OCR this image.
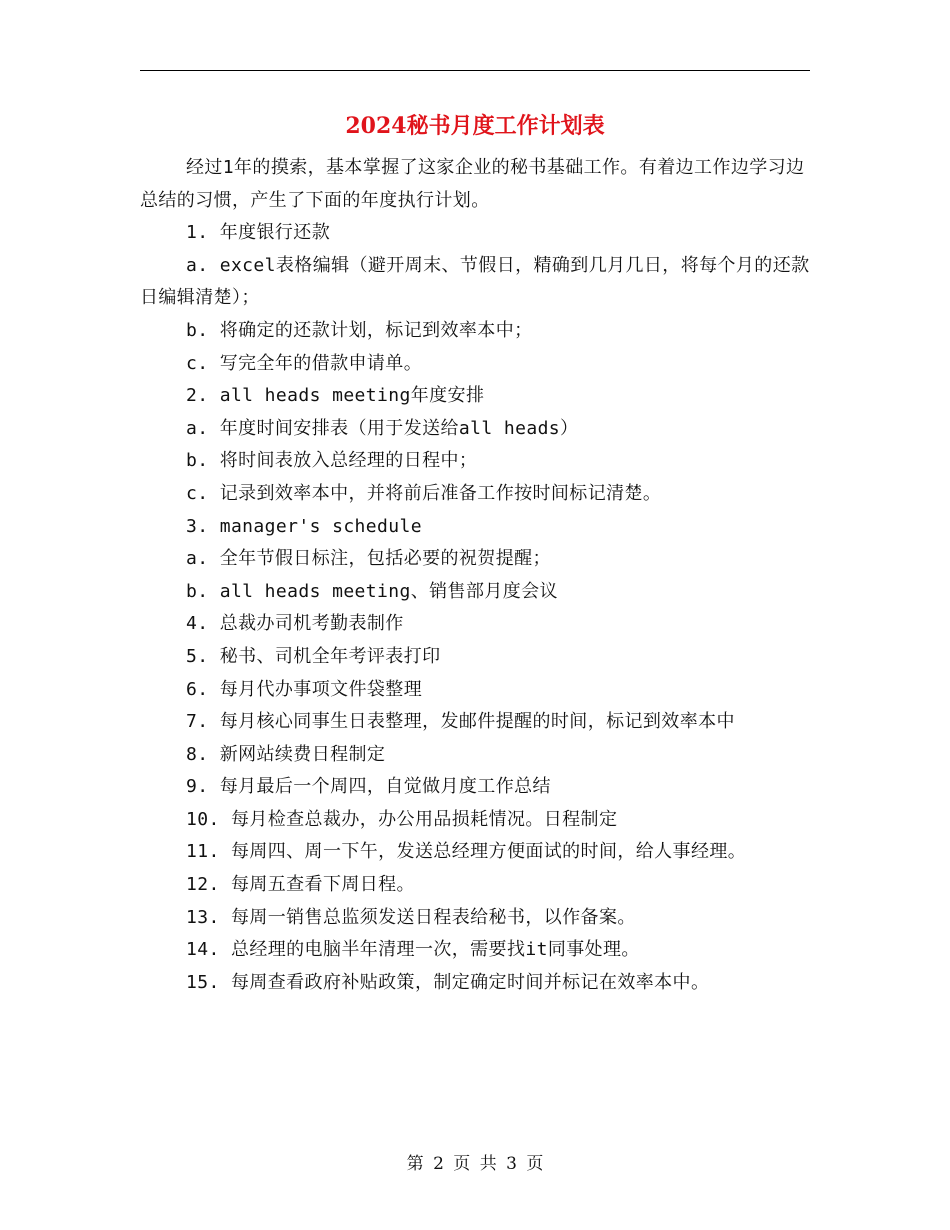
2024秘书月度工作计划表

经过1年的摸索，基本掌握了这家企业的秘书基础工作。有着边工作边学习边总结的习惯，产生了下面的年度执行计划。

1. 年度银行还款

a. excel表格编辑（避开周末、节假日，精确到几月几日，将每个月的还款日编辑清楚）；

b. 将确定的还款计划，标记到效率本中；

c. 写完全年的借款申请单。

2. all heads meeting年度安排

a. 年度时间安排表（用于发送给all heads）

b. 将时间表放入总经理的日程中；

c. 记录到效率本中，并将前后准备工作按时间标记清楚。

3. manager's schedule

a. 全年节假日标注，包括必要的祝贺提醒；

b. all heads meeting、销售部月度会议

4. 总裁办司机考勤表制作

5. 秘书、司机全年考评表打印

6. 每月代办事项文件袋整理

7. 每月核心同事生日表整理，发邮件提醒的时间，标记到效率本中

8. 新网站续费日程制定

9. 每月最后一个周四，自觉做月度工作总结

10. 每月检查总裁办，办公用品损耗情况。日程制定

11. 每周四、周一下午，发送总经理方便面试的时间，给人事经理。

12. 每周五查看下周日程。

13. 每周一销售总监须发送日程表给秘书，以作备案。

14. 总经理的电脑半年清理一次，需要找it同事处理。

15. 每周查看政府补贴政策，制定确定时间并标记在效率本中。

第 2 页 共 3 页
